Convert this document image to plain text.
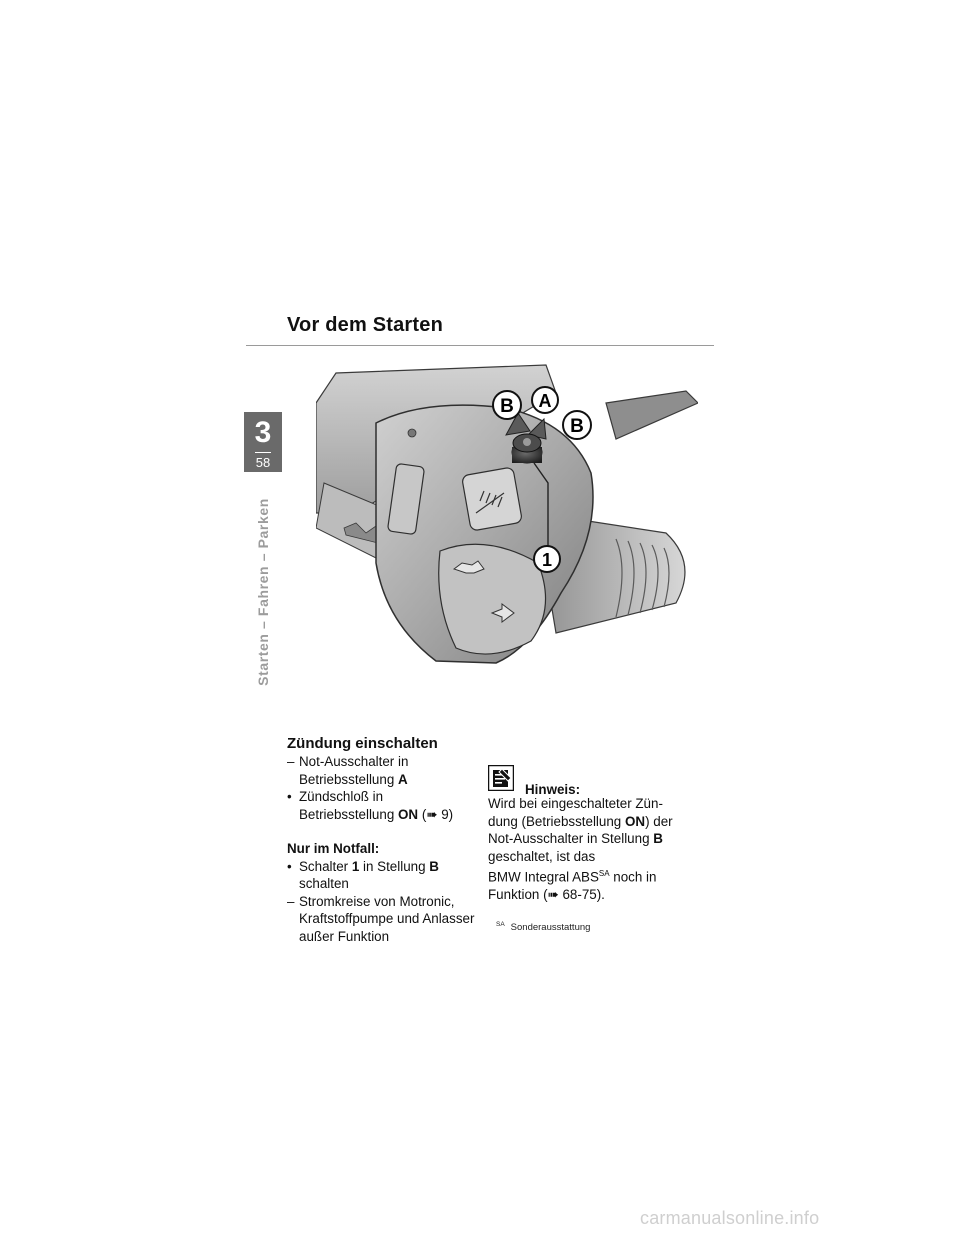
Vor dem Starten
3
58
Starten – Fahren – Parken
B A
B
1
Zündung einschalten
– Not-Ausschalter in
Betriebsstellung A
• Zündschloß in
Betriebsstellung ON (➠ 9)
Nur im Notfall:
• Schalter 1 in Stellung B
schalten
– Stromkreise von Motronic,
Kraftstoffpumpe und Anlasser
außer Funktion
Hinweis:
Wird bei eingeschalteter Zün-
dung (Betriebsstellung ON) der
Not-Ausschalter in Stellung B
geschaltet, ist das
BMW Integral $ABS^{SA}$ noch in
Funktion (➠ 68-75).
$^{SA}$ Sonderausstattung
carmanualsonline.info
